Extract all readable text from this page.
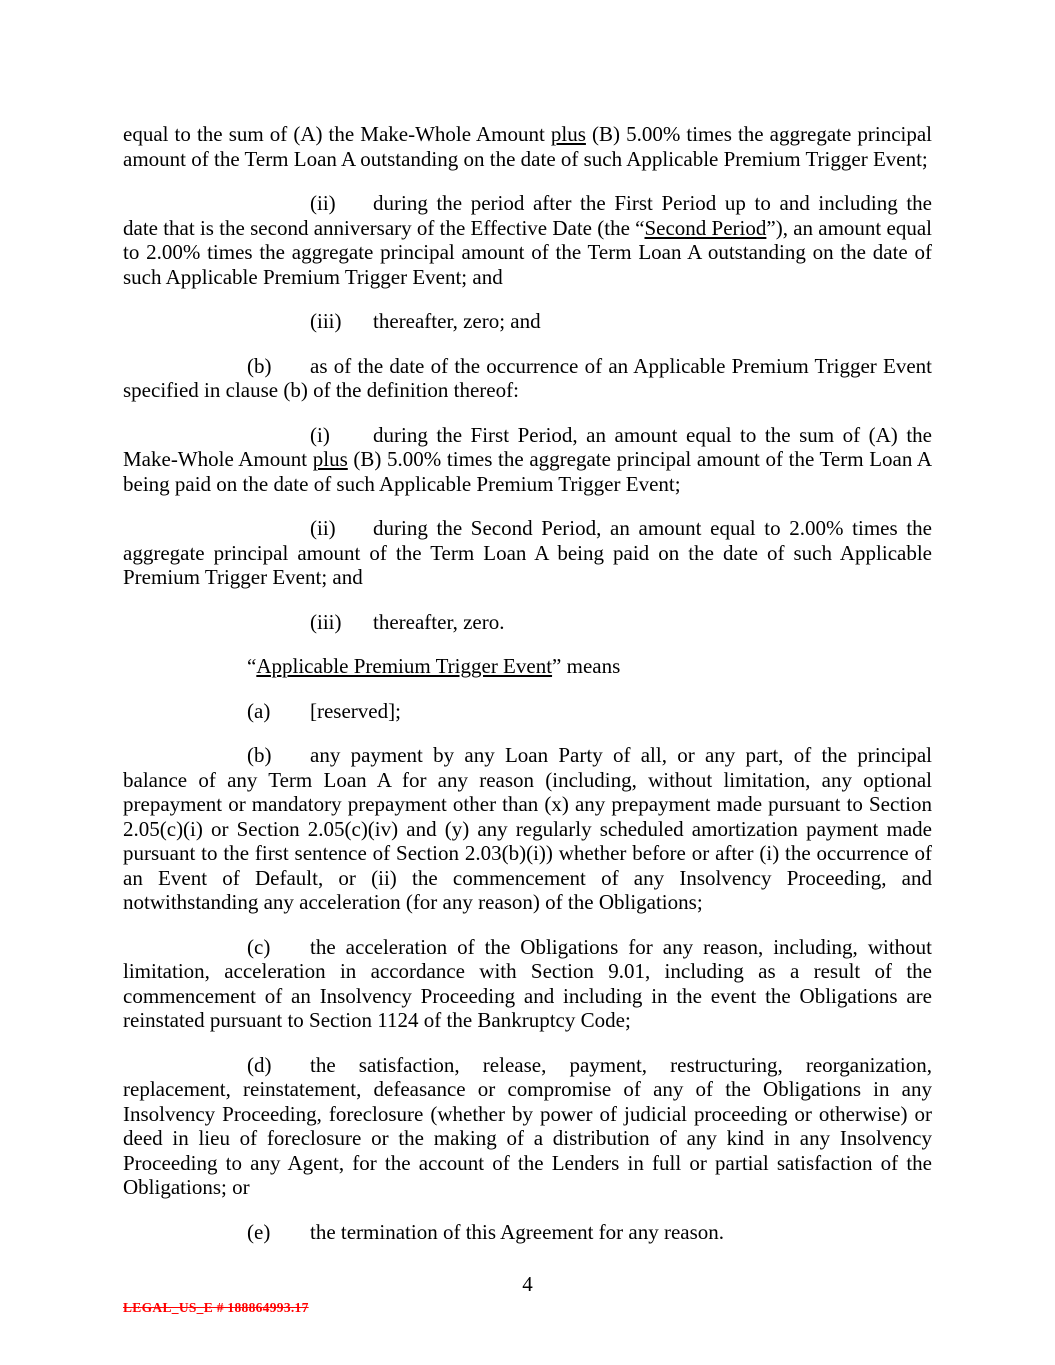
equal to the sum of (A) the Make-Whole Amount plus (B) 5.00% times the aggregate principal amount of the Term Loan A outstanding on the date of such Applicable Premium Trigger Event;

(ii) during the period after the First Period up to and including the date that is the second anniversary of the Effective Date (the “Second Period”), an amount equal to 2.00% times the aggregate principal amount of the Term Loan A outstanding on the date of such Applicable Premium Trigger Event; and

(iii) thereafter, zero; and

(b) as of the date of the occurrence of an Applicable Premium Trigger Event specified in clause (b) of the definition thereof:

(i) during the First Period, an amount equal to the sum of (A) the Make-Whole Amount plus (B) 5.00% times the aggregate principal amount of the Term Loan A being paid on the date of such Applicable Premium Trigger Event;

(ii) during the Second Period, an amount equal to 2.00% times the aggregate principal amount of the Term Loan A being paid on the date of such Applicable Premium Trigger Event; and

(iii) thereafter, zero.

“Applicable Premium Trigger Event” means

(a) [reserved];

(b) any payment by any Loan Party of all, or any part, of the principal balance of any Term Loan A for any reason (including, without limitation, any optional prepayment or mandatory prepayment other than (x) any prepayment made pursuant to Section 2.05(c)(i) or Section 2.05(c)(iv) and (y) any regularly scheduled amortization payment made pursuant to the first sentence of Section 2.03(b)(i)) whether before or after (i) the occurrence of an Event of Default, or (ii) the commencement of any Insolvency Proceeding, and notwithstanding any acceleration (for any reason) of the Obligations;

(c) the acceleration of the Obligations for any reason, including, without limitation, acceleration in accordance with Section 9.01, including as a result of the commencement of an Insolvency Proceeding and including in the event the Obligations are reinstated pursuant to Section 1124 of the Bankruptcy Code;

(d) the satisfaction, release, payment, restructuring, reorganization, replacement, reinstatement, defeasance or compromise of any of the Obligations in any Insolvency Proceeding, foreclosure (whether by power of judicial proceeding or otherwise) or deed in lieu of foreclosure or the making of a distribution of any kind in any Insolvency Proceeding to any Agent, for the account of the Lenders in full or partial satisfaction of the Obligations; or

(e) the termination of this Agreement for any reason.

4
LEGAL_US_E # 188864993.17
